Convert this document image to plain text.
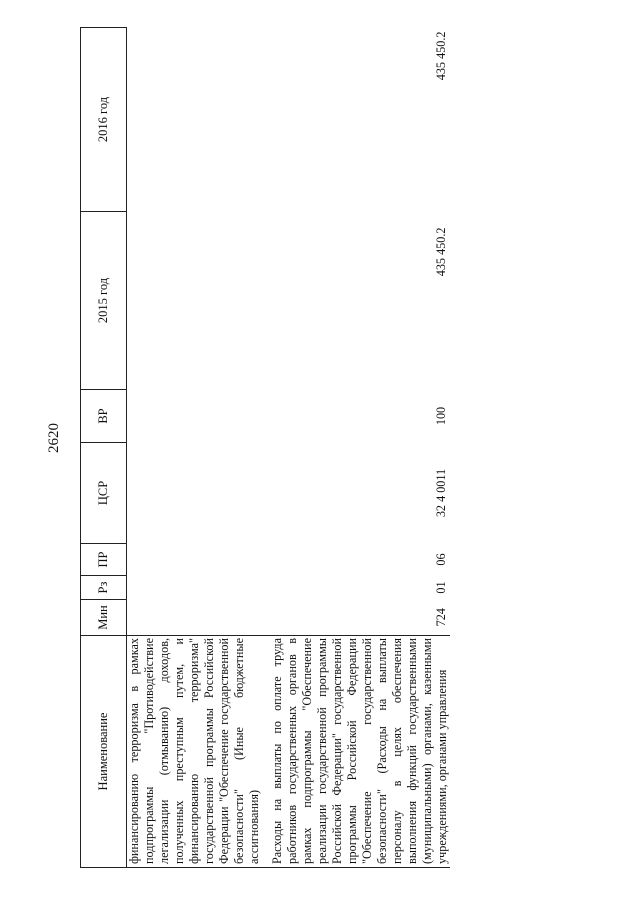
2620
Наименование	Мин	Рз	ПР	ЦСР	ВР	2015 год	2016 год
финансированию терроризма в рамках подпрограммы "Противодействие легализации (отмыванию) доходов, полученных преступным путем, и финансированию терроризма" государственной программы Российской Федерации "Обеспечение государственной безопасности" (Иные бюджетные ассигнования)							
Расходы на выплаты по оплате труда работников государственных органов в рамках подпрограммы "Обеспечение реализации государственной программы Российской Федерации" государственной программы Российской Федерации "Обеспечение государственной безопасности" (Расходы на выплаты персоналу в целях обеспечения выполнения функций государственными (муниципальными) органами, казенными учреждениями, органами управления	724	01	06	32 4 0011	100	435 450.2	435 450.2
